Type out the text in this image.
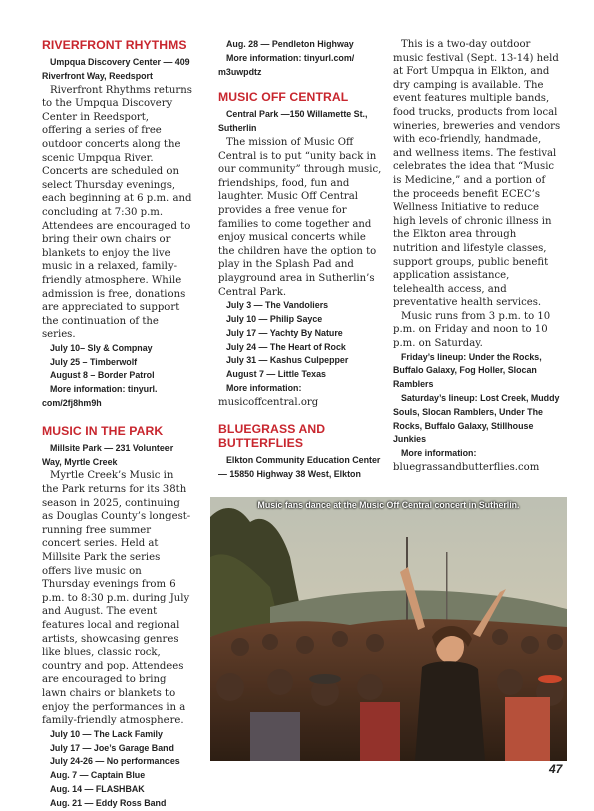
RIVERFRONT RHYTHMS
Umpqua Discovery Center — 409 Riverfront Way, Reedsport
Riverfront Rhythms returns to the Umpqua Discovery Center in Reedsport, offering a series of free outdoor concerts along the scenic Umpqua River. Concerts are scheduled on select Thursday evenings, each beginning at 6 p.m. and concluding at 7:30 p.m. Attendees are encouraged to bring their own chairs or blankets to enjoy the live music in a relaxed, family-friendly atmosphere. While admission is free, donations are appreciated to support the continuation of the series.
July 10– Sly & Compnay
July 25 – Timberwolf
August 8 – Border Patrol
More information: tinyurl. com/2fj8hm9h
MUSIC IN THE PARK
Millsite Park — 231 Volunteer Way, Myrtle Creek
Myrtle Creek’s Music in the Park returns for its 38th season in 2025, continuing as Douglas County’s longest-running free summer concert series. Held at Millsite Park the series offers live music on Thursday evenings from 6 p.m. to 8:30 p.m. during July and August. The event features local and regional artists, showcasing genres like blues, classic rock, country and pop. Attendees are encouraged to bring lawn chairs or blankets to enjoy the performances in a family-friendly atmosphere.
July 10 — The Lack Family
July 17 — Joe’s Garage Band
July 24-26 — No performances
Aug. 7 — Captain Blue
Aug. 14 — FLASHBAK
Aug. 21 — Eddy Ross Band
Aug. 28 — Pendleton Highway
More information: tinyurl.com/ m3uwpdtz
MUSIC OFF CENTRAL
Central Park —150 Willamette St., Sutherlin
The mission of Music Off Central is to put “unity back in our community” through music, friendships, food, fun and laughter. Music Off Central provides a free venue for families to come together and enjoy musical concerts while the children have the option to play in the Splash Pad and playground area in Sutherlin’s Central Park.
July 3 — The Vandoliers
July 10 — Philip Sayce
July 17 — Yachty By Nature
July 24 — The Heart of Rock
July 31 — Kashus Culpepper
August 7 — Little Texas
More information:
musicoffcentral.org
BLUEGRASS AND BUTTERFLIES
Elkton Community Education Center — 15850 Highway 38 West, Elkton
This is a two-day outdoor music festival (Sept. 13-14) held at Fort Umpqua in Elkton, and dry camping is available. The event features multiple bands, food trucks, products from local wineries, breweries and vendors with eco-friendly, handmade, and wellness items. The festival celebrates the idea that “Music is Medicine,” and a portion of the proceeds benefit ECEC’s Wellness Initiative to reduce high levels of chronic illness in the Elkton area through nutrition and lifestyle classes, support groups, public benefit application assistance, telehealth access, and preventative health services.
Music runs from 3 p.m. to 10 p.m. on Friday and noon to 10 p.m. on Saturday.
Friday’s lineup: Under the Rocks, Buffalo Galaxy, Fog Holler, Slocan Ramblers
Saturday’s lineup: Lost Creek, Muddy Souls, Slocan Ramblers, Under The Rocks, Buffalo Galaxy, Stillhouse Junkies
More information:
bluegrassandbutterflies.com
Music fans dance at the Music Off Central concert in Sutherlin.
47
